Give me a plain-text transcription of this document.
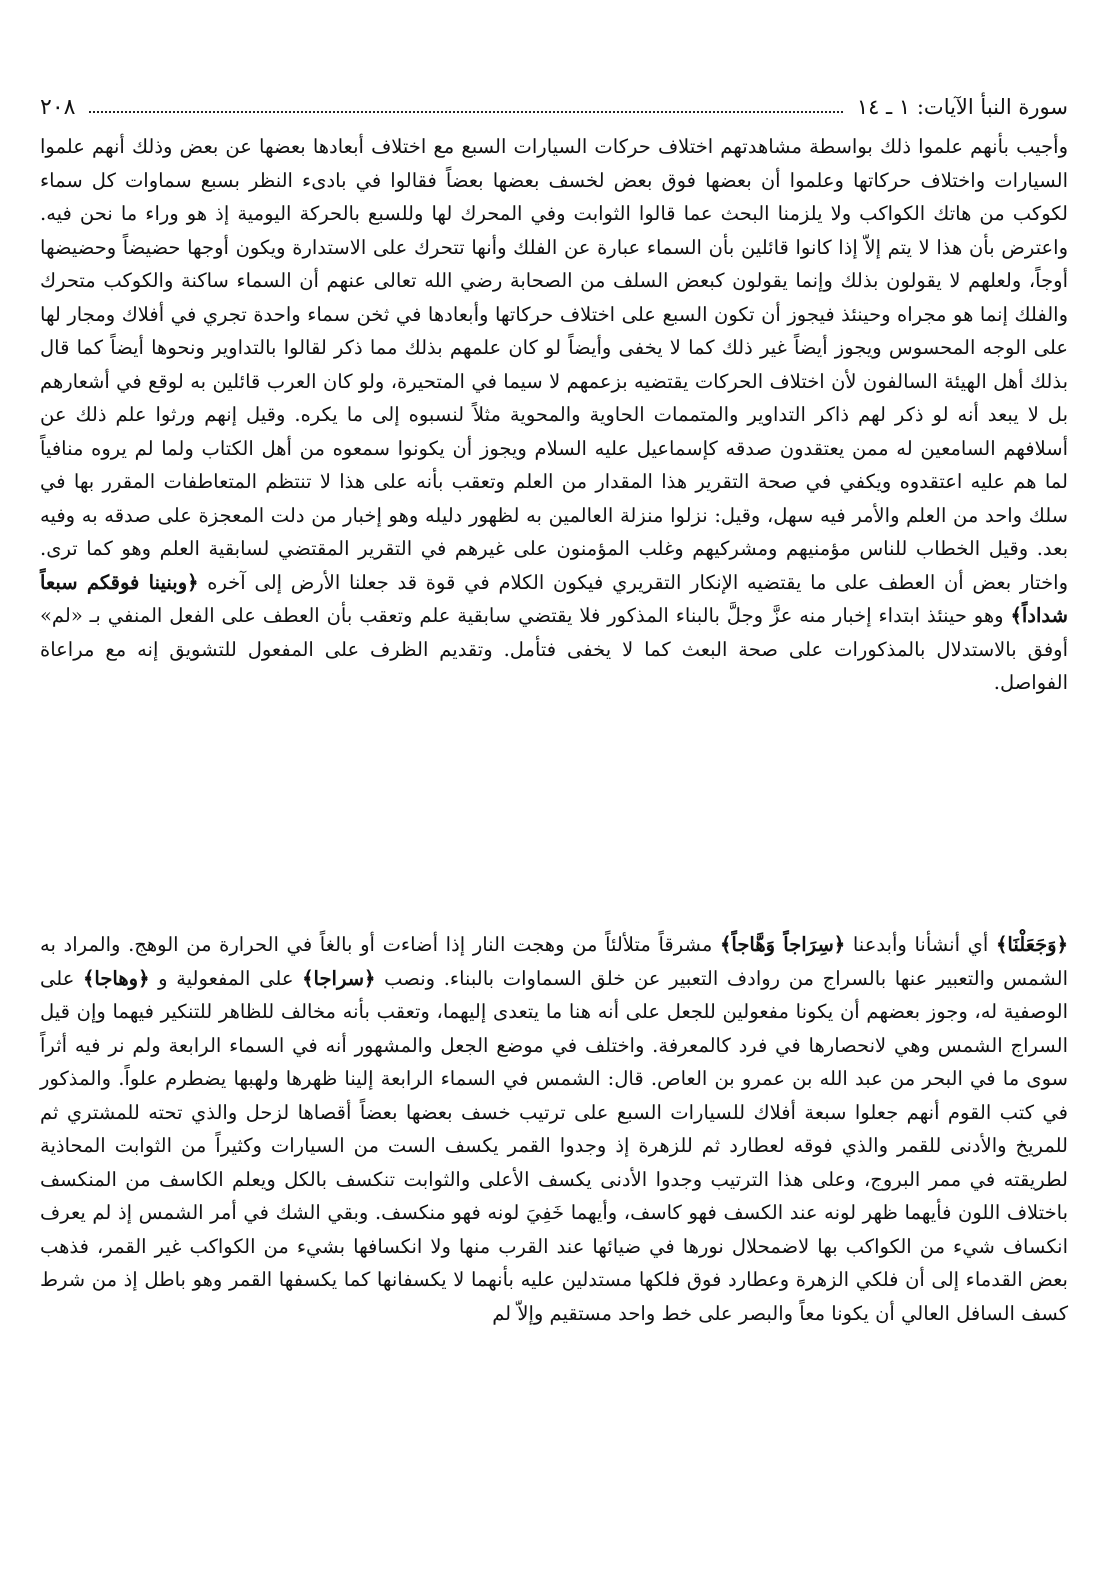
سورة النبأ الآيات: ١ ـ ١٤
٢٠٨

وأجيب بأنهم علموا ذلك بواسطة مشاهدتهم اختلاف حركات السيارات السبع مع اختلاف أبعادها بعضها عن بعض وذلك أنهم علموا السيارات واختلاف حركاتها وعلموا أن بعضها فوق بعض لخسف بعضها بعضاً فقالوا في بادىء النظر بسبع سماوات كل سماء لكوكب من هاتك الكواكب ولا يلزمنا البحث عما قالوا الثوابت وفي المحرك لها وللسبع بالحركة اليومية إذ هو وراء ما نحن فيه. واعترض بأن هذا لا يتم إلاّ إذا كانوا قائلين بأن السماء عبارة عن الفلك وأنها تتحرك على الاستدارة ويكون أوجها حضيضاً وحضيضها أوجاً، ولعلهم لا يقولون بذلك وإنما يقولون كبعض السلف من الصحابة رضي الله تعالى عنهم أن السماء ساكنة والكوكب متحرك والفلك إنما هو مجراه وحينئذ فيجوز أن تكون السبع على اختلاف حركاتها وأبعادها في ثخن سماء واحدة تجري في أفلاك ومجار لها على الوجه المحسوس ويجوز أيضاً غير ذلك كما لا يخفى وأيضاً لو كان علمهم بذلك مما ذكر لقالوا بالتداوير ونحوها أيضاً كما قال بذلك أهل الهيئة السالفون لأن اختلاف الحركات يقتضيه بزعمهم لا سيما في المتحيرة، ولو كان العرب قائلين به لوقع في أشعارهم بل لا يبعد أنه لو ذكر لهم ذاكر التداوير والمتممات الحاوية والمحوية مثلاً لنسبوه إلى ما يكره. وقيل إنهم ورثوا علم ذلك عن أسلافهم السامعين له ممن يعتقدون صدقه كإسماعيل عليه السلام ويجوز أن يكونوا سمعوه من أهل الكتاب ولما لم يروه منافياً لما هم عليه اعتقدوه ويكفي في صحة التقرير هذا المقدار من العلم وتعقب بأنه على هذا لا تنتظم المتعاطفات المقرر بها في سلك واحد من العلم والأمر فيه سهل، وقيل: نزلوا منزلة العالمين به لظهور دليله وهو إخبار من دلت المعجزة على صدقه به وفيه بعد. وقيل الخطاب للناس مؤمنيهم ومشركيهم وغلب المؤمنون على غيرهم في التقرير المقتضي لسابقية العلم وهو كما ترى. واختار بعض أن العطف على ما يقتضيه الإنكار التقريري فيكون الكلام في قوة قد جعلنا الأرض إلى آخره ﴿وبنينا فوقكم سبعاً شداداً﴾ وهو حينئذ ابتداء إخبار منه عزَّ وجلَّ بالبناء المذكور فلا يقتضي سابقية علم وتعقب بأن العطف على الفعل المنفي بـ «لم» أوفق بالاستدلال بالمذكورات على صحة البعث كما لا يخفى فتأمل. وتقديم الظرف على المفعول للتشويق إنه مع مراعاة الفواصل.

﴿وَجَعَلْنَا﴾ أي أنشأنا وأبدعنا ﴿سِرَاجاً وَهَّاجاً﴾ مشرقاً متلألئاً من وهجت النار إذا أضاءت أو بالغاً في الحرارة من الوهج. والمراد به الشمس والتعبير عنها بالسراج من روادف التعبير عن خلق السماوات بالبناء. ونصب ﴿سراجا﴾ على المفعولية و ﴿وهاجا﴾ على الوصفية له، وجوز بعضهم أن يكونا مفعولين للجعل على أنه هنا ما يتعدى إليهما، وتعقب بأنه مخالف للظاهر للتنكير فيهما وإن قيل السراج الشمس وهي لانحصارها في فرد كالمعرفة. واختلف في موضع الجعل والمشهور أنه في السماء الرابعة ولم نر فيه أثراً سوى ما في البحر من عبد الله بن عمرو بن العاص. قال: الشمس في السماء الرابعة إلينا ظهرها ولهبها يضطرم علواً. والمذكور في كتب القوم أنهم جعلوا سبعة أفلاك للسيارات السبع على ترتيب خسف بعضها بعضاً أقصاها لزحل والذي تحته للمشتري ثم للمريخ والأدنى للقمر والذي فوقه لعطارد ثم للزهرة إذ وجدوا القمر يكسف الست من السيارات وكثيراً من الثوابت المحاذية لطريقته في ممر البروج، وعلى هذا الترتيب وجدوا الأدنى يكسف الأعلى والثوابت تنكسف بالكل ويعلم الكاسف من المنكسف باختلاف اللون فأيهما ظهر لونه عند الكسف فهو كاسف، وأيهما خَفِيَ لونه فهو منكسف. وبقي الشك في أمر الشمس إذ لم يعرف انكساف شيء من الكواكب بها لاضمحلال نورها في ضيائها عند القرب منها ولا انكسافها بشيء من الكواكب غير القمر، فذهب بعض القدماء إلى أن فلكي الزهرة وعطارد فوق فلكها مستدلين عليه بأنهما لا يكسفانها كما يكسفها القمر وهو باطل إذ من شرط كسف السافل العالي أن يكونا معاً والبصر على خط واحد مستقيم وإلاّ لم
